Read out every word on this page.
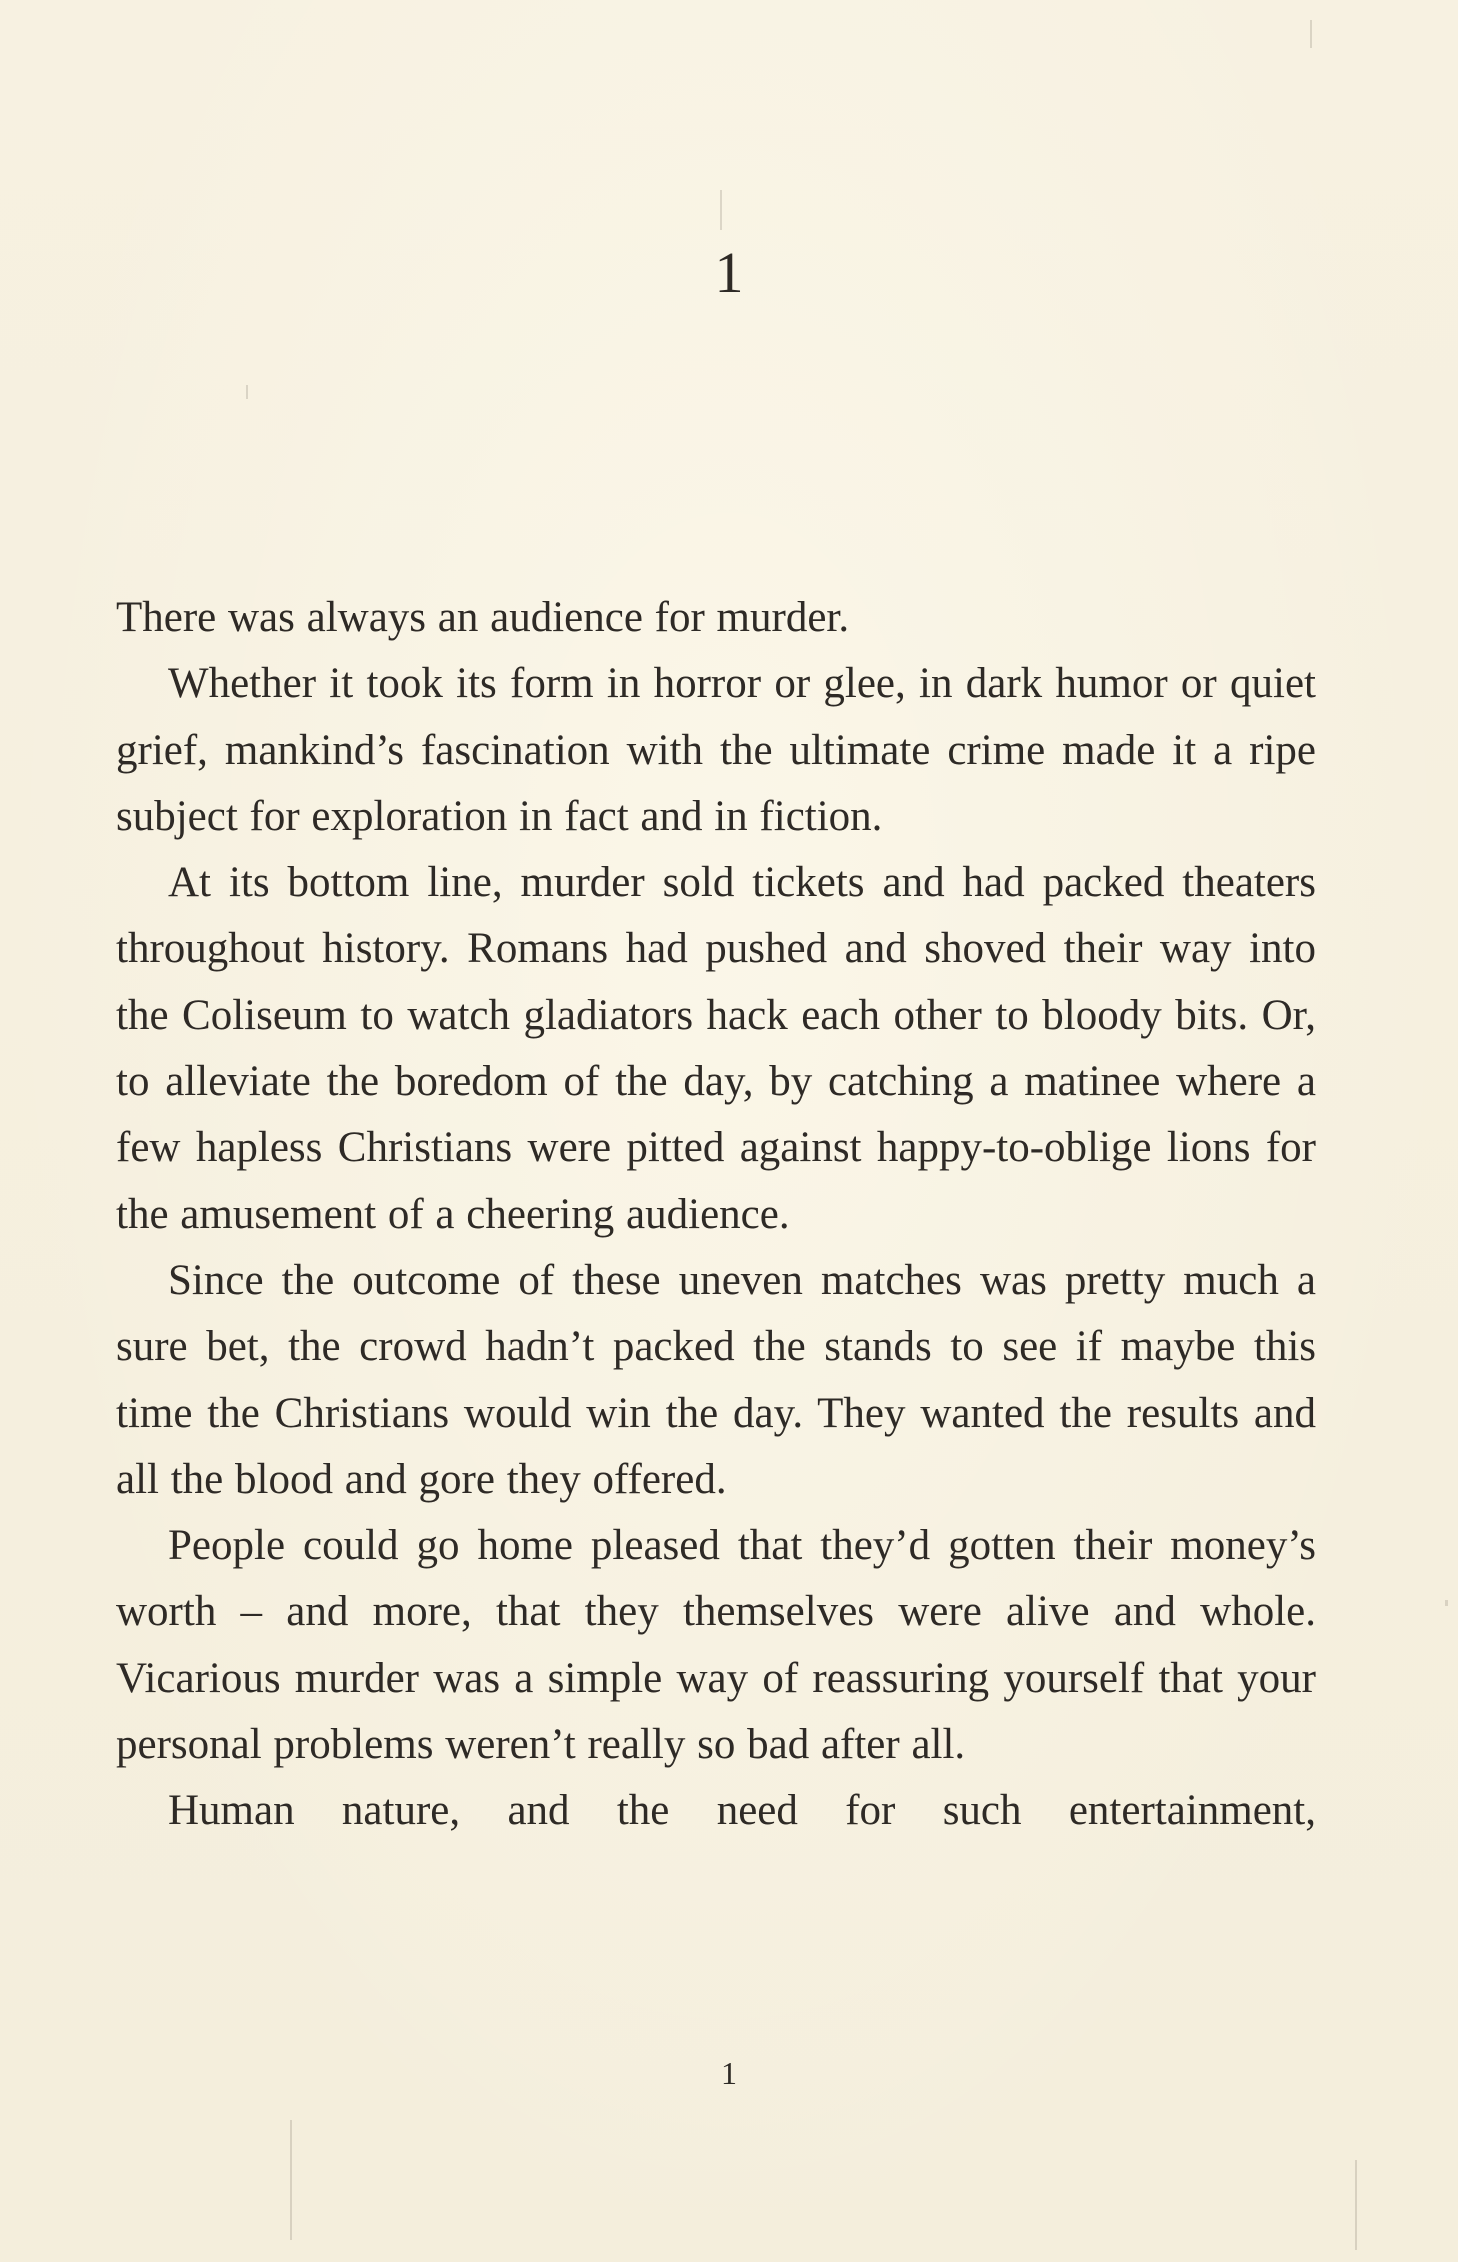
1

There was always an audience for murder.

Whether it took its form in horror or glee, in dark humor or quiet grief, mankind’s fascination with the ultimate crime made it a ripe subject for exploration in fact and in fiction.

At its bottom line, murder sold tickets and had packed theaters throughout history. Romans had pushed and shoved their way into the Coliseum to watch gladiators hack each other to bloody bits. Or, to alleviate the boredom of the day, by catching a matinee where a few hapless Christians were pitted against happy-to-oblige lions for the amusement of a cheering audience.

Since the outcome of these uneven matches was pretty much a sure bet, the crowd hadn’t packed the stands to see if maybe this time the Christians would win the day. They wanted the results and all the blood and gore they offered.

People could go home pleased that they’d gotten their money’s worth – and more, that they themselves were alive and whole. Vicarious murder was a simple way of reassuring yourself that your personal problems weren’t really so bad after all.

Human nature, and the need for such entertainment,

1
